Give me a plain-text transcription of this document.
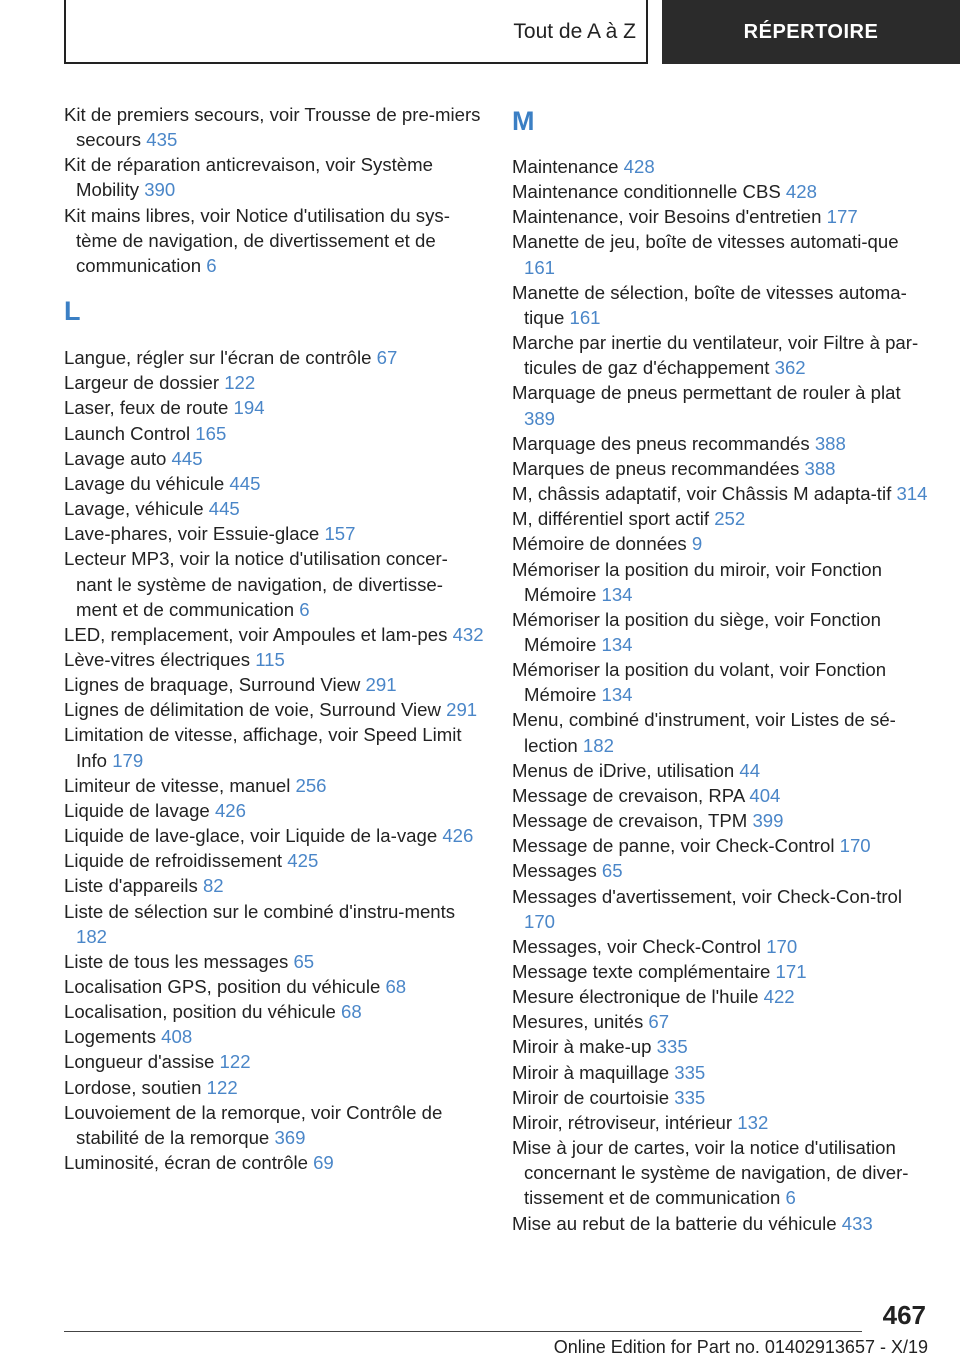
Tout de A à Z	RÉPERTOIRE
Kit de premiers secours, voir Trousse de pre-miers secours 435
Kit de réparation anticrevaison, voir Système Mobility 390
Kit mains libres, voir Notice d'utilisation du sys-tème de navigation, de divertissement et de communication 6
L
Langue, régler sur l'écran de contrôle 67
Largeur de dossier 122
Laser, feux de route 194
Launch Control 165
Lavage auto 445
Lavage du véhicule 445
Lavage, véhicule 445
Lave-phares, voir Essuie-glace 157
Lecteur MP3, voir la notice d'utilisation concer-nant le système de navigation, de divertisse-ment et de communication 6
LED, remplacement, voir Ampoules et lam-pes 432
Lève-vitres électriques 115
Lignes de braquage, Surround View 291
Lignes de délimitation de voie, Surround View 291
Limitation de vitesse, affichage, voir Speed Limit Info 179
Limiteur de vitesse, manuel 256
Liquide de lavage 426
Liquide de lave-glace, voir Liquide de la-vage 426
Liquide de refroidissement 425
Liste d'appareils 82
Liste de sélection sur le combiné d'instru-ments 182
Liste de tous les messages 65
Localisation GPS, position du véhicule 68
Localisation, position du véhicule 68
Logements 408
Longueur d'assise 122
Lordose, soutien 122
Louvoiement de la remorque, voir Contrôle de stabilité de la remorque 369
Luminosité, écran de contrôle 69
M
Maintenance 428
Maintenance conditionnelle CBS 428
Maintenance, voir Besoins d'entretien 177
Manette de jeu, boîte de vitesses automati-que 161
Manette de sélection, boîte de vitesses automa-tique 161
Marche par inertie du ventilateur, voir Filtre à par-ticules de gaz d'échappement 362
Marquage de pneus permettant de rouler à plat 389
Marquage des pneus recommandés 388
Marques de pneus recommandées 388
M, châssis adaptatif, voir Châssis M adapta-tif 314
M, différentiel sport actif 252
Mémoire de données 9
Mémoriser la position du miroir, voir Fonction Mémoire 134
Mémoriser la position du siège, voir Fonction Mémoire 134
Mémoriser la position du volant, voir Fonction Mémoire 134
Menu, combiné d'instrument, voir Listes de sé-lection 182
Menus de iDrive, utilisation 44
Message de crevaison, RPA 404
Message de crevaison, TPM 399
Message de panne, voir Check-Control 170
Messages 65
Messages d'avertissement, voir Check-Con-trol 170
Messages, voir Check-Control 170
Message texte complémentaire 171
Mesure électronique de l'huile 422
Mesures, unités 67
Miroir à make-up 335
Miroir à maquillage 335
Miroir de courtoisie 335
Miroir, rétroviseur, intérieur 132
Mise à jour de cartes, voir la notice d'utilisation concernant le système de navigation, de diver-tissement et de communication 6
Mise au rebut de la batterie du véhicule 433
467
Online Edition for Part no. 01402913657 - X/19
